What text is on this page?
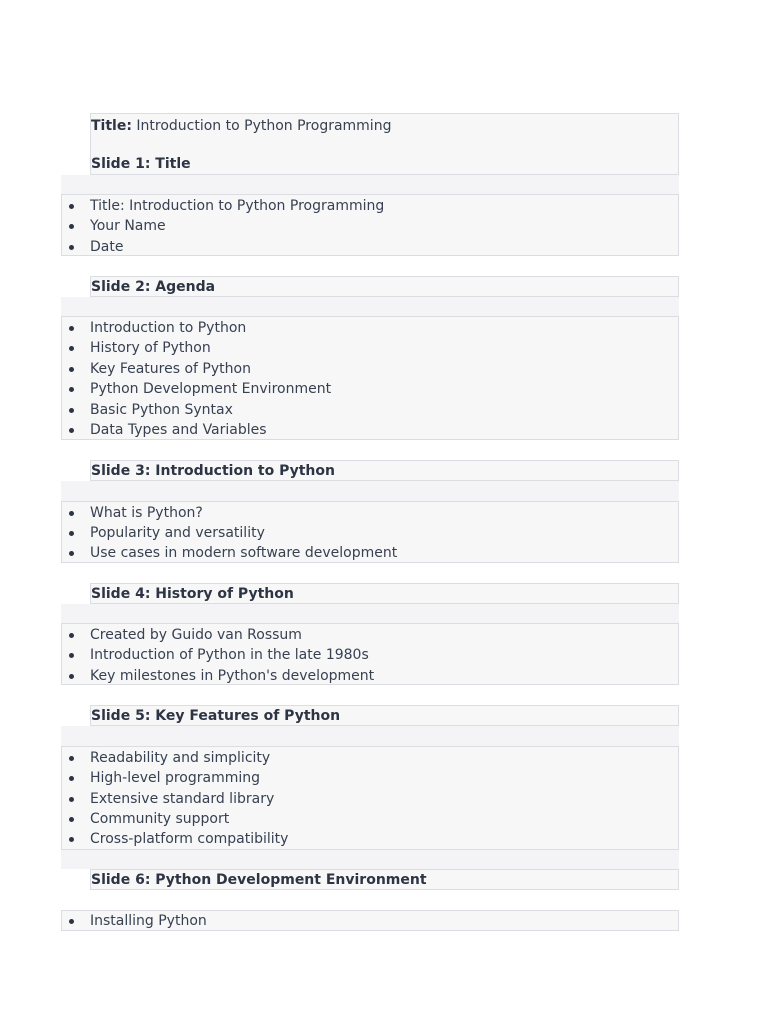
Title: Introduction to Python Programming
Slide 1: Title
Title: Introduction to Python Programming
Your Name
Date
Slide 2: Agenda
Introduction to Python
History of Python
Key Features of Python
Python Development Environment
Basic Python Syntax
Data Types and Variables
Slide 3: Introduction to Python
What is Python?
Popularity and versatility
Use cases in modern software development
Slide 4: History of Python
Created by Guido van Rossum
Introduction of Python in the late 1980s
Key milestones in Python's development
Slide 5: Key Features of Python
Readability and simplicity
High-level programming
Extensive standard library
Community support
Cross-platform compatibility
Slide 6: Python Development Environment
Installing Python
